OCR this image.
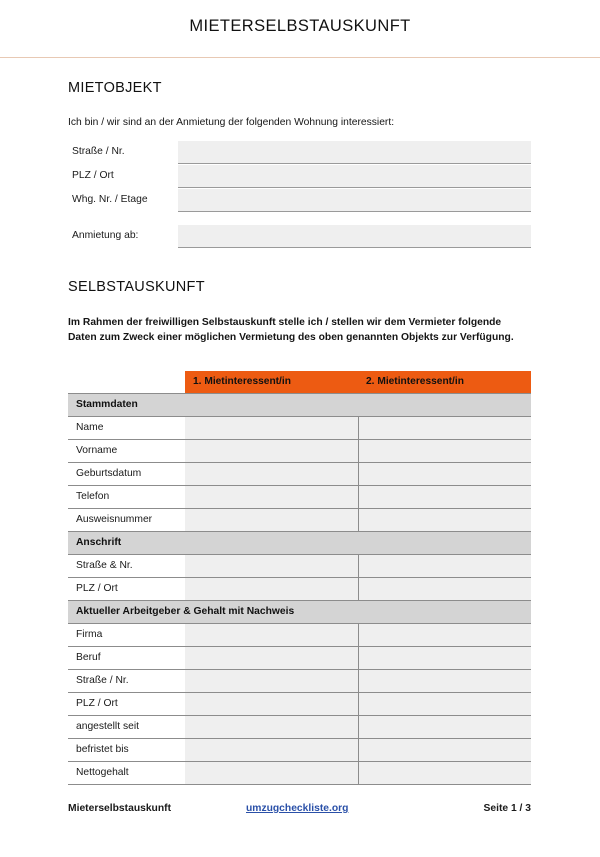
MIETERSELBSTAUSKUNFT
MIETOBJEKT
Ich bin / wir sind an der Anmietung der folgenden Wohnung interessiert:
Straße / Nr.
PLZ / Ort
Whg. Nr. / Etage
Anmietung ab:
SELBSTAUSKUNFT
Im Rahmen der freiwilligen Selbstauskunft stelle ich / stellen wir dem Vermieter folgende
Daten zum Zweck einer möglichen Vermietung des oben genannten Objekts zur Verfügung.
	1. Mietinteressent/in	2. Mietinteressent/in
Stammdaten		
Name		
Vorname		
Geburtsdatum		
Telefon		
Ausweisnummer		
Anschrift		
Straße & Nr.		
PLZ / Ort		
Aktueller Arbeitgeber & Gehalt mit Nachweis		
Firma		
Beruf		
Straße / Nr.		
PLZ / Ort		
angestellt seit		
befristet bis		
Nettogehalt		
Mieterselbstauskunft	umzugcheckliste.org	Seite 1 / 3
